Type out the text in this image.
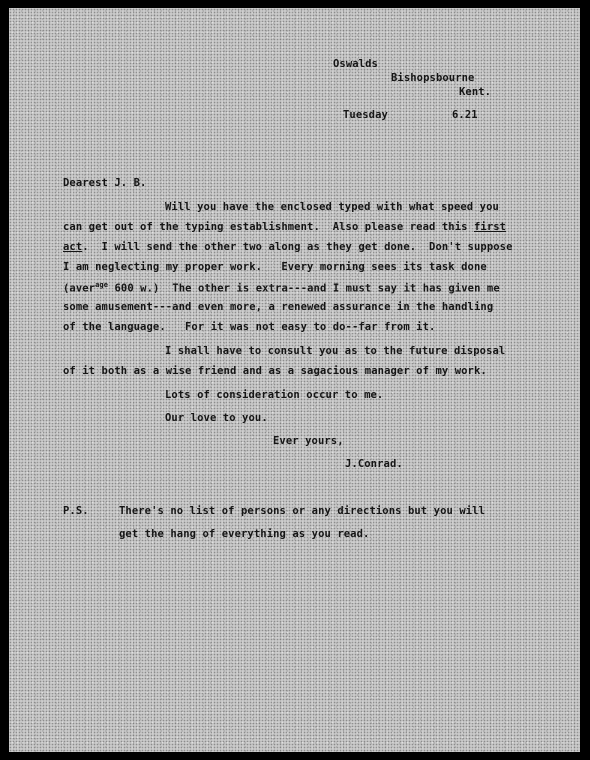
Oswalds
Bishopsbourne
Kent.
Tuesday	6.21
Dearest J. B.
Will you have the enclosed typed with what speed you
can get out of the typing establishment.  Also please read this first
act.  I will send the other two along as they get done.  Don't suppose
I am neglecting my proper work.   Every morning sees its task done
(aver$^{age}$ 600 w.)  The other is extra---and I must say it has given me
some amusement---and even more, a renewed assurance in the handling
of the language.   For it was not easy to do--far from it.
I shall have to consult you as to the future disposal
of it both as a wise friend and as a sagacious manager of my work.
Lots of consideration occur to me.
Our love to you.
Ever yours,
J.Conrad.
P.S.	There's no list of persons or any directions but you will
get the hang of everything as you read.
